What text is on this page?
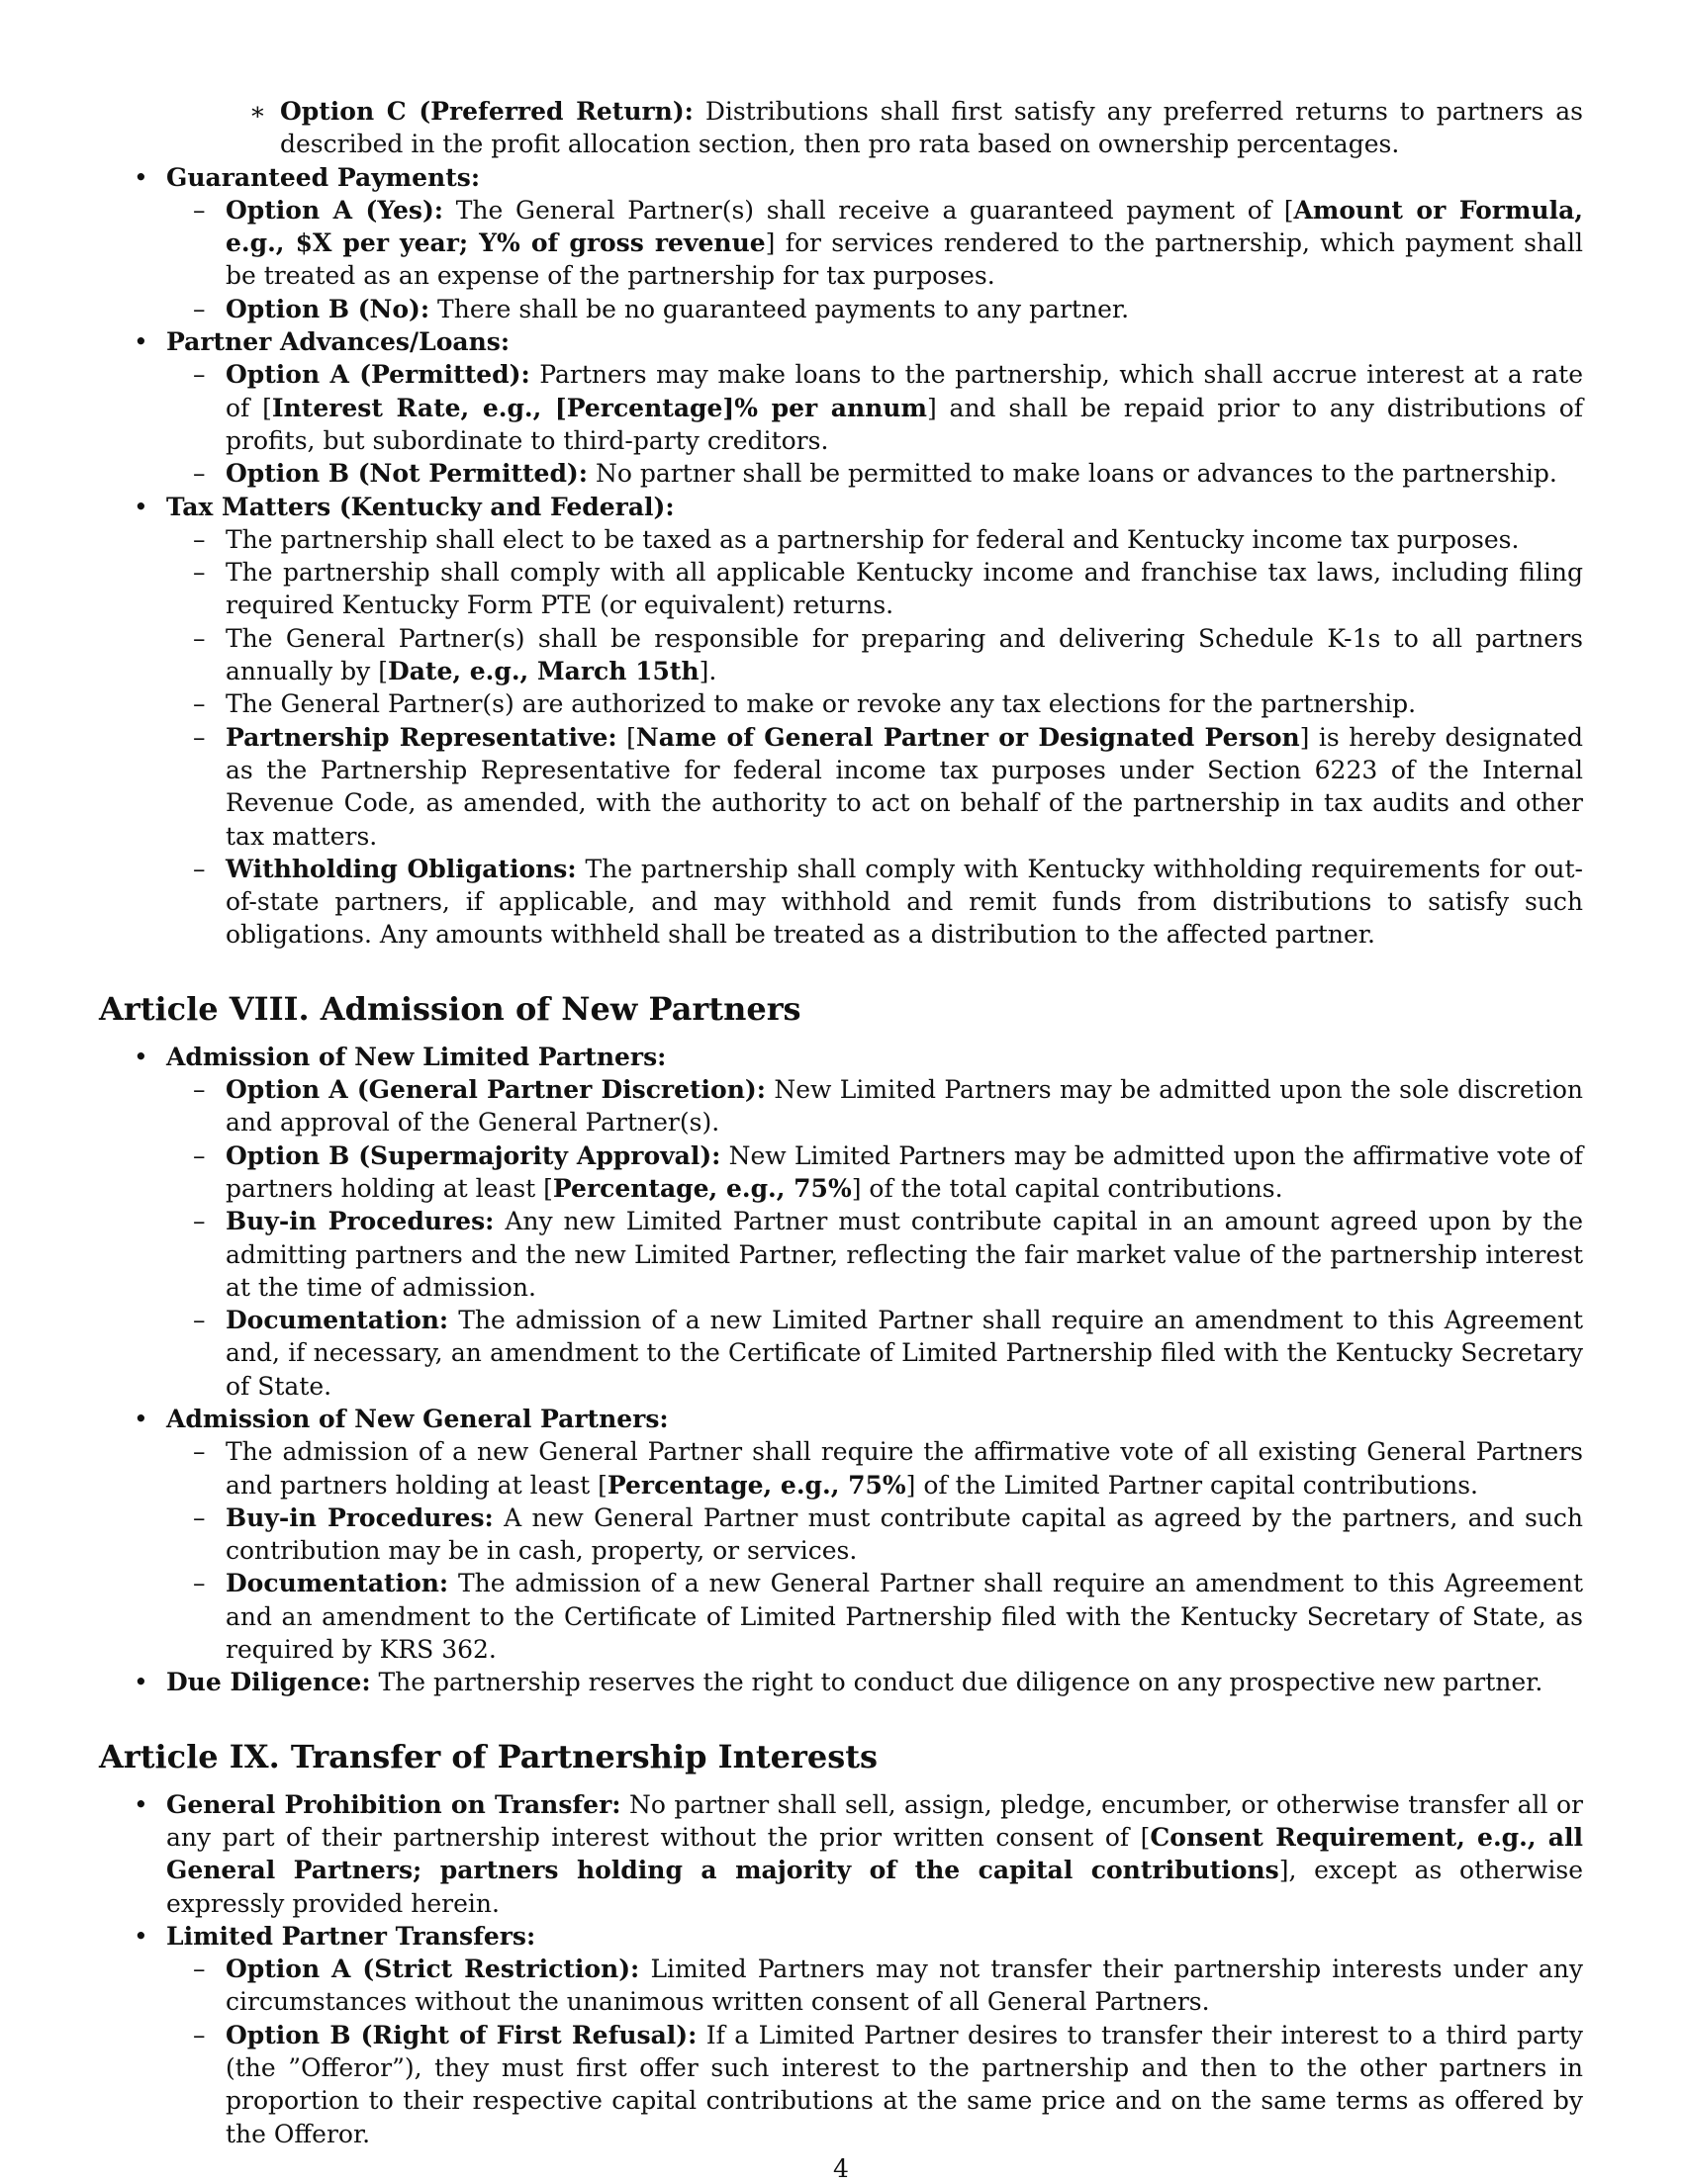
∗ Option C (Preferred Return): Distributions shall first satisfy any preferred returns to partners as described in the profit allocation section, then pro rata based on ownership percentages.
• Guaranteed Payments:
– Option A (Yes): The General Partner(s) shall receive a guaranteed payment of [Amount or Formula, e.g., $X per year; Y% of gross revenue] for services rendered to the partnership, which payment shall be treated as an expense of the partnership for tax purposes.
– Option B (No): There shall be no guaranteed payments to any partner.
• Partner Advances/Loans:
– Option A (Permitted): Partners may make loans to the partnership, which shall accrue interest at a rate of [Interest Rate, e.g., [Percentage]% per annum] and shall be repaid prior to any distributions of profits, but subordinate to third-party creditors.
– Option B (Not Permitted): No partner shall be permitted to make loans or advances to the partnership.
• Tax Matters (Kentucky and Federal):
– The partnership shall elect to be taxed as a partnership for federal and Kentucky income tax purposes.
– The partnership shall comply with all applicable Kentucky income and franchise tax laws, including filing required Kentucky Form PTE (or equivalent) returns.
– The General Partner(s) shall be responsible for preparing and delivering Schedule K-1s to all partners annually by [Date, e.g., March 15th].
– The General Partner(s) are authorized to make or revoke any tax elections for the partnership.
– Partnership Representative: [Name of General Partner or Designated Person] is hereby designated as the Partnership Representative for federal income tax purposes under Section 6223 of the Internal Revenue Code, as amended, with the authority to act on behalf of the partnership in tax audits and other tax matters.
– Withholding Obligations: The partnership shall comply with Kentucky withholding requirements for out-of-state partners, if applicable, and may withhold and remit funds from distributions to satisfy such obligations. Any amounts withheld shall be treated as a distribution to the affected partner.
Article VIII. Admission of New Partners
• Admission of New Limited Partners:
– Option A (General Partner Discretion): New Limited Partners may be admitted upon the sole discretion and approval of the General Partner(s).
– Option B (Supermajority Approval): New Limited Partners may be admitted upon the affirmative vote of partners holding at least [Percentage, e.g., 75%] of the total capital contributions.
– Buy-in Procedures: Any new Limited Partner must contribute capital in an amount agreed upon by the admitting partners and the new Limited Partner, reflecting the fair market value of the partnership interest at the time of admission.
– Documentation: The admission of a new Limited Partner shall require an amendment to this Agreement and, if necessary, an amendment to the Certificate of Limited Partnership filed with the Kentucky Secretary of State.
• Admission of New General Partners:
– The admission of a new General Partner shall require the affirmative vote of all existing General Partners and partners holding at least [Percentage, e.g., 75%] of the Limited Partner capital contributions.
– Buy-in Procedures: A new General Partner must contribute capital as agreed by the partners, and such contribution may be in cash, property, or services.
– Documentation: The admission of a new General Partner shall require an amendment to this Agreement and an amendment to the Certificate of Limited Partnership filed with the Kentucky Secretary of State, as required by KRS 362.
• Due Diligence: The partnership reserves the right to conduct due diligence on any prospective new partner.
Article IX. Transfer of Partnership Interests
• General Prohibition on Transfer: No partner shall sell, assign, pledge, encumber, or otherwise transfer all or any part of their partnership interest without the prior written consent of [Consent Requirement, e.g., all General Partners; partners holding a majority of the capital contributions], except as otherwise expressly provided herein.
• Limited Partner Transfers:
– Option A (Strict Restriction): Limited Partners may not transfer their partnership interests under any circumstances without the unanimous written consent of all General Partners.
– Option B (Right of First Refusal): If a Limited Partner desires to transfer their interest to a third party (the ”Offeror”), they must first offer such interest to the partnership and then to the other partners in proportion to their respective capital contributions at the same price and on the same terms as offered by the Offeror.
4
